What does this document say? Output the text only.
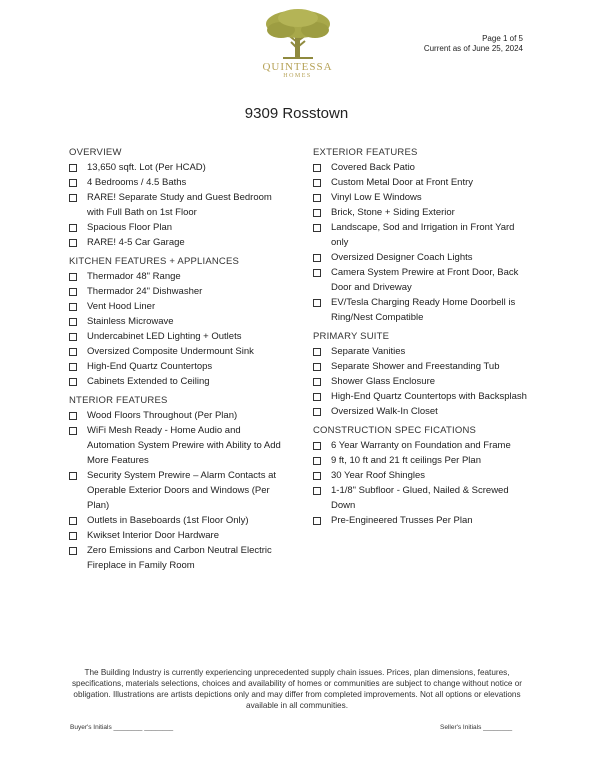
QUINTESSA
HOMES
Page 1 of 5
Current as of June 25, 2024
9309 Rosstown
OVERVIEW
13,650 sqft. Lot (Per HCAD)
4 Bedrooms / 4.5 Baths
RARE! Separate Study and Guest Bedroom with Full Bath on 1st Floor
Spacious Floor Plan
RARE! 4-5 Car Garage
KITCHEN FEATURES + APPLIANCES
Thermador 48" Range
Thermador 24" Dishwasher
Vent Hood Liner
Stainless Microwave
Undercabinet LED Lighting + Outlets
Oversized Composite Undermount Sink
High-End Quartz Countertops
Cabinets Extended to Ceiling
NTERIOR FEATURES
Wood Floors Throughout (Per Plan)
WiFi Mesh Ready - Home Audio and Automation System Prewire with Ability to Add More Features
Security System Prewire – Alarm Contacts at Operable Exterior Doors and Windows (Per Plan)
Outlets in Baseboards (1st Floor Only)
Kwikset Interior Door Hardware
Zero Emissions and Carbon Neutral Electric Fireplace in Family Room
EXTERIOR FEATURES
Covered Back Patio
Custom Metal Door at Front Entry
Vinyl Low E Windows
Brick, Stone + Siding Exterior
Landscape, Sod and Irrigation in Front Yard only
Oversized Designer Coach Lights
Camera System Prewire at Front Door, Back Door and Driveway
EV/Tesla Charging Ready Home Doorbell is Ring/Nest Compatible
PRIMARY SUITE
Separate Vanities
Separate Shower and Freestanding Tub
Shower Glass Enclosure
High-End Quartz Countertops with Backsplash
Oversized Walk-In Closet
CONSTRUCTION SPEC FICATIONS
6 Year Warranty on Foundation and Frame
9 ft, 10 ft and 21 ft ceilings Per Plan
30 Year Roof Shingles
1-1/8" Subfloor - Glued, Nailed & Screwed Down
Pre-Engineered Trusses Per Plan
The Building Industry is currently experiencing unprecedented supply chain issues. Prices, plan dimensions, features, specifications, materials selections, choices and availability of homes or communities are subject to change without notice or obligation. Illustrations are artists depictions only and may differ from completed improvements. Not all options or elevations available in all communities.
Buyer's Initials ________ ________	Seller's Initials ________
